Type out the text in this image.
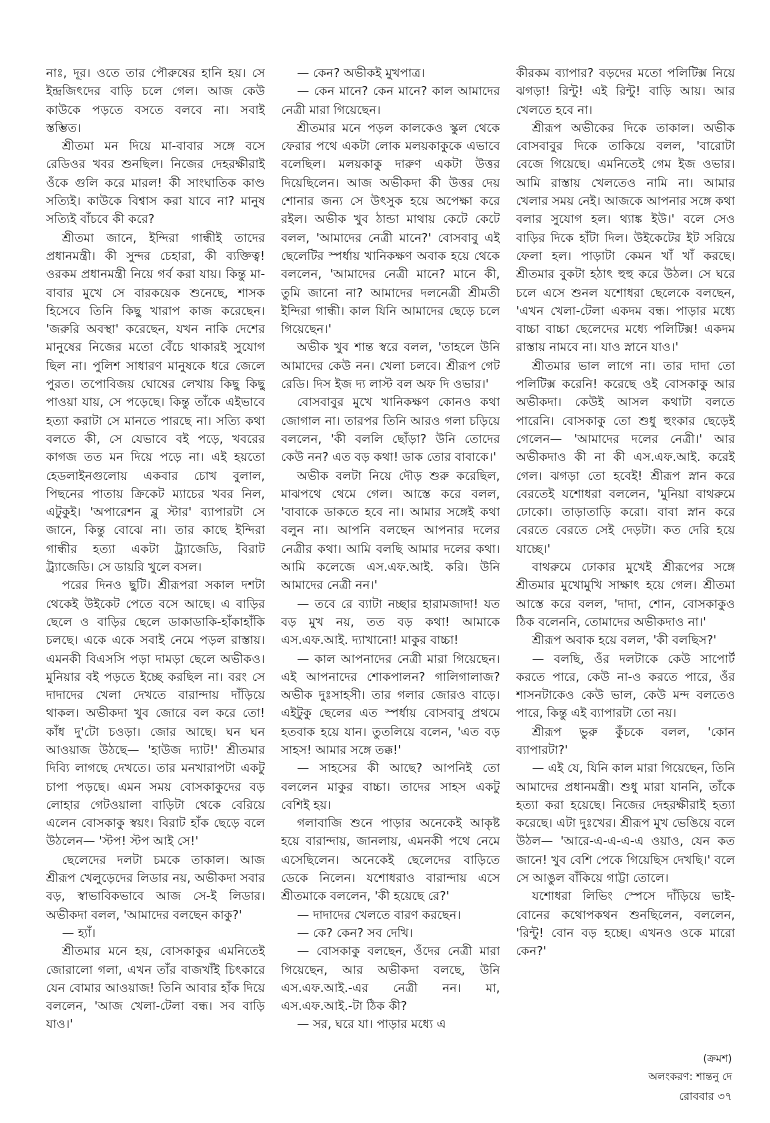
নাঃ, দূর। ওতে তার পৌরুষের হানি হয়। সে ইন্দ্রজিৎদের বাড়ি চলে গেল। আজ কেউ কাউকে পড়তে বসতে বলবে না। সবাই স্তম্ভিত।

শ্রীতমা মন দিয়ে মা-বাবার সঙ্গে বসে রেডিওর খবর শুনছিল। নিজের দেহরক্ষীরাই ওঁকে গুলি করে মারল! কী সাংঘাতিক কাণ্ড সত্যিই। কাউকে বিশ্বাস করা যাবে না? মানুষ সত্যিই বাঁচবে কী করে?

শ্রীতমা জানে, ইন্দিরা গান্ধীই তাদের প্রধানমন্ত্রী। কী সুন্দর চেহারা, কী ব্যক্তিত্ব! ওরকম প্রধানমন্ত্রী নিয়ে গর্ব করা যায়। কিন্তু মা-বাবার মুখে সে বারকয়েক শুনেছে, শাসক হিসেবে তিনি কিছু খারাপ কাজ করেছেন। 'জরুরি অবস্থা' করেছেন, যখন নাকি দেশের মানুষের নিজের মতো বেঁচে থাকারই সুযোগ ছিল না। পুলিশ সাধারণ মানুষকে ধরে জেলে পুরত। তপোবিজয় ঘোষের লেখায় কিছু কিছু পাওয়া যায়, সে পড়েছে। কিন্তু তাঁকে এইভাবে হত্যা করাটা সে মানতে পারছে না। সত্যি কথা বলতে কী, সে যেভাবে বই পড়ে, খবরের কাগজ তত মন দিয়ে পড়ে না। এই হয়তো হেডলাইনগুলোয় একবার চোখ বুলাল, পিছনের পাতায় ক্রিকেট ম্যাচের খবর নিল, এটুকুই। 'অপারেশন ব্লু স্টার' ব্যাপারটা সে জানে, কিন্তু বোঝে না। তার কাছে ইন্দিরা গান্ধীর হত্যা একটা ট্র্যাজেডি, বিরাট ট্র্যাজেডি। সে ডায়রি খুলে বসল।

পরের দিনও ছুটি। শ্রীরূপরা সকাল দশটা থেকেই উইকেট পেতে বসে আছে। এ বাড়ির ছেলে ও বাড়ির ছেলে ডাকাডাকি-হাঁকাহাঁকি চলছে। একে একে সবাই নেমে পড়ল রাস্তায়। এমনকী বিএসসি পড়া দামড়া ছেলে অভীকও। মুনিয়ার বই পড়তে ইচ্ছে করছিল না। বরং সে দাদাদের খেলা দেখতে বারান্দায় দাঁড়িয়ে থাকল। অভীকদা খুব জোরে বল করে তো! কাঁধ দু'টো চওড়া। জোর আছে। ঘন ঘন আওয়াজ উঠছে— 'হাউজ দ্যাট!' শ্রীতমার দিব্যি লাগছে দেখতে। তার মনখারাপটা একটু চাপা পড়ছে। এমন সময় বোসকাকুদের বড় লোহার গেটওয়ালা বাড়িটা থেকে বেরিয়ে এলেন বোসকাকু স্বয়ং। বিরাট হাঁক ছেড়ে বলে উঠলেন— 'স্টপ! স্টপ আই সে!'

ছেলেদের দলটা চমকে তাকাল। আজ শ্রীরূপ খেলুড়েদের লিডার নয়, অভীকদা সবার বড়, স্বাভাবিকভাবে আজ সে-ই লিডার। অভীকদা বলল, 'আমাদের বলছেন কাকু?'

— হ্যাঁ।

শ্রীতমার মনে হয়, বোসকাকুর এমনিতেই জোরালো গলা, এখন তাঁর বাজখাঁই চিৎকারে যেন বোমার আওয়াজ! তিনি আবার হাঁক দিয়ে বললেন, 'আজ খেলা-টেলা বন্ধ। সব বাড়ি যাও।'

— কেন? অভীকই মুখপাত্র।

— কেন মানে? কেন মানে? কাল আমাদের নেত্রী মারা গিয়েছেন।

শ্রীতমার মনে পড়ল কালকেও স্কুল থেকে ফেরার পথে একটা লোক মলয়কাকুকে এভাবে বলেছিল। মলয়কাকু দারুণ একটা উত্তর দিয়েছিলেন। আজ অভীকদা কী উত্তর দেয় শোনার জন্য সে উৎসুক হয়ে অপেক্ষা করে রইল। অভীক খুব ঠান্ডা মাথায় কেটে কেটে বলল, 'আমাদের নেত্রী মানে?' বোসবাবু এই ছেলেটির স্পর্ধায় খানিকক্ষণ অবাক হয়ে থেকে বললেন, 'আমাদের নেত্রী মানে? মানে কী, তুমি জানো না? আমাদের দলনেত্রী শ্রীমতী ইন্দিরা গান্ধী। কাল যিনি আমাদের ছেড়ে চলে গিয়েছেন।'

অভীক খুব শান্ত স্বরে বলল, 'তাহলে উনি আমাদের কেউ নন। খেলা চলবে। শ্রীরূপ গেট রেডি। দিস ইজ দ্য লাস্ট বল অফ দি ওভার।'

বোসবাবুর মুখে খানিকক্ষণ কোনও কথা জোগাল না। তারপর তিনি আরও গলা চড়িয়ে বললেন, 'কী বললি ছোঁড়া? উনি তোদের কেউ নন? এত বড় কথা! ডাক তোর বাবাকে।'

অভীক বলটা নিয়ে দৌড় শুরু করেছিল, মাঝপথে থেমে গেল। আস্তে করে বলল, 'বাবাকে ডাকতে হবে না। আমার সঙ্গেই কথা বলুন না। আপনি বলছেন আপনার দলের নেত্রীর কথা। আমি বলছি আমার দলের কথা। আমি কলেজে এস.এফ.আই. করি। উনি আমাদের নেত্রী নন।'

— তবে রে ব্যাটা নচ্ছার হারামজাদা! যত বড় মুখ নয়, তত বড় কথা! আমাকে এস.এফ.আই. দ্যাখানো! মাকুর বাচ্চা!

— কাল আপনাদের নেত্রী মারা গিয়েছেন। এই আপনাদের শোকপালন? গালিগালাজ? অভীক দুঃসাহসী। তার গলার জোরও বাড়ে। এইটুকু ছেলের এত স্পর্ধায় বোসবাবু প্রথমে হতবাক হয়ে যান। তুতলিয়ে বলেন, 'এত বড় সাহস! আমার সঙ্গে তক্ক!'

— সাহসের কী আছে? আপনিই তো বললেন মাকুর বাচ্চা। তাদের সাহস একটু বেশিই হয়।

গলাবাজি শুনে পাড়ার অনেকেই আকৃষ্ট হয়ে বারান্দায়, জানলায়, এমনকী পথে নেমে এসেছিলেন। অনেকেই ছেলেদের বাড়িতে ডেকে নিলেন। যশোধরাও বারান্দায় এসে শ্রীতমাকে বললেন, 'কী হয়েছে রে?'

— দাদাদের খেলতে বারণ করছেন।

— কে? কেন? সব দেখি।

— বোসকাকু বলছেন, ওঁদের নেত্রী মারা গিয়েছেন, আর অভীকদা বলছে, উনি এস.এফ.আই.-এর নেত্রী নন। মা, এস.এফ.আই.-টা ঠিক কী?

— সর, ঘরে যা। পাড়ার মধ্যে এ

কীরকম ব্যাপার? বড়দের মতো পলিটিক্স নিয়ে ঝগড়া! রিন্টু! এই রিন্টু! বাড়ি আয়। আর খেলতে হবে না।

শ্রীরূপ অভীকের দিকে তাকাল। অভীক বোসবাবুর দিকে তাকিয়ে বলল, 'বারোটা বেজে গিয়েছে। এমনিতেই গেম ইজ ওভার। আমি রাস্তায় খেলতেও নামি না। আমার খেলার সময় নেই। আজকে আপনার সঙ্গে কথা বলার সুযোগ হল। থ্যাঙ্ক ইউ।' বলে সেও বাড়ির দিকে হাঁটা দিল। উইকেটের ইট সরিয়ে ফেলা হল। পাড়াটা কেমন খাঁ খাঁ করছে। শ্রীতমার বুকটা হঠাৎ হুহু করে উঠল। সে ঘরে চলে এসে শুনল যশোধরা ছেলেকে বলছেন, 'এখন খেলা-টেলা একদম বন্ধ। পাড়ার মধ্যে বাচ্চা বাচ্চা ছেলেদের মধ্যে পলিটিক্স! একদম রাস্তায় নামবে না। যাও স্নানে যাও।'

শ্রীতমার ভাল লাগে না। তার দাদা তো পলিটিক্স করেনি! করেছে ওই বোসকাকু আর অভীকদা। কেউই আসল কথাটা বলতে পারেনি। বোসকাকু তো শুধু হুংকার ছেড়েই গেলেন— 'আমাদের দলের নেত্রী।' আর অভীকদাও কী না কী এস.এফ.আই. করেই গেল। ঝগড়া তো হবেই! শ্রীরূপ স্নান করে বেরতেই যশোধরা বললেন, 'মুনিয়া বাথরুমে ঢোকো। তাড়াতাড়ি করো। বাবা স্নান করে বেরতে বেরতে সেই দেড়টা। কত দেরি হয়ে যাচ্ছে।'

বাথরুমে ঢোকার মুখেই শ্রীরূপের সঙ্গে শ্রীতমার মুখোমুখি সাক্ষাৎ হয়ে গেল। শ্রীতমা আস্তে করে বলল, 'দাদা, শোন, বোসকাকুও ঠিক বলেননি, তোমাদের অভীকদাও না।'

শ্রীরূপ অবাক হয়ে বলল, 'কী বলছিস?'

— বলছি, ওঁর দলটাকে কেউ সাপোর্ট করতে পারে, কেউ না-ও করতে পারে, ওঁর শাসনটাকেও কেউ ভাল, কেউ মন্দ বলতেও পারে, কিন্তু এই ব্যাপারটা তো নয়।

শ্রীরূপ ভুরু কুঁচকে বলল, 'কোন ব্যাপারটা?'

— এই যে, যিনি কাল মারা গিয়েছেন, তিনি আমাদের প্রধানমন্ত্রী। শুধু মারা যাননি, তাঁকে হত্যা করা হয়েছে। নিজের দেহরক্ষীরাই হত্যা করেছে। এটা দুঃখের। শ্রীরূপ মুখ ভেঙিয়ে বলে উঠল— 'আরে-এ-এ-এ-এ ওয়াও, যেন কত জানে! খুব বেশি পেকে গিয়েছিস দেখছি।' বলে সে আঙুল বাঁকিয়ে গাট্টা তোলে।

যশোধরা লিভিং স্পেসে দাঁড়িয়ে ভাই-বোনের কথোপকথন শুনছিলেন, বললেন, 'রিন্টু! বোন বড় হচ্ছে। এখনও ওকে মারো কেন?'

(ক্রমশ)
অলংকরণ: শান্তনু দে
রোববার ৩৭
